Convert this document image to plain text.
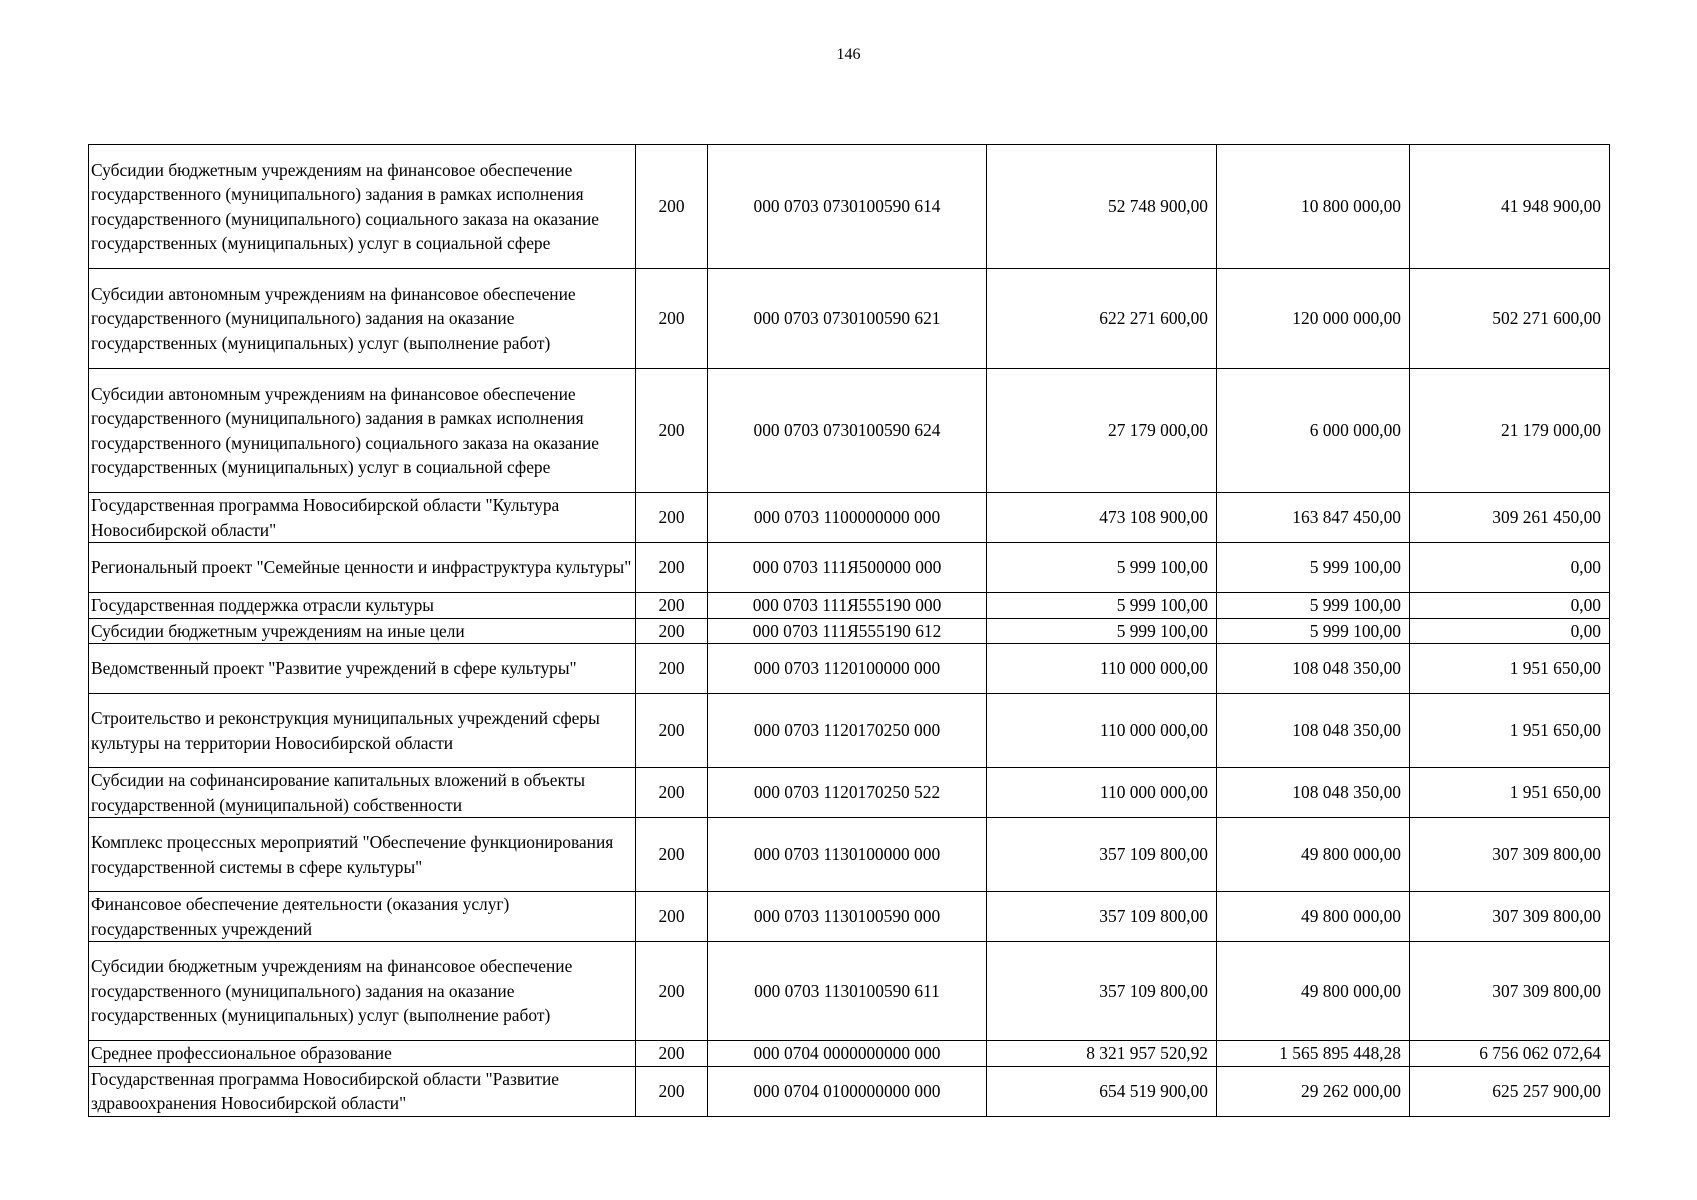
146
Субсидии бюджетным учреждениям на финансовое обеспечение государственного (муниципального) задания в рамках исполнения государственного (муниципального) социального заказа на оказание государственных (муниципальных) услуг в социальной сфере	200	000 0703 0730100590 614	52 748 900,00	10 800 000,00	41 948 900,00
Субсидии автономным учреждениям на финансовое обеспечение государственного (муниципального) задания на оказание государственных (муниципальных) услуг (выполнение работ)	200	000 0703 0730100590 621	622 271 600,00	120 000 000,00	502 271 600,00
Субсидии автономным учреждениям на финансовое обеспечение государственного (муниципального) задания в рамках исполнения государственного (муниципального) социального заказа на оказание государственных (муниципальных) услуг в социальной сфере	200	000 0703 0730100590 624	27 179 000,00	6 000 000,00	21 179 000,00
Государственная программа Новосибирской области "Культура Новосибирской области"	200	000 0703 1100000000 000	473 108 900,00	163 847 450,00	309 261 450,00
Региональный проект "Семейные ценности и инфраструктура культуры"	200	000 0703 111Я500000 000	5 999 100,00	5 999 100,00	0,00
Государственная поддержка отрасли культуры	200	000 0703 111Я555190 000	5 999 100,00	5 999 100,00	0,00
Субсидии бюджетным учреждениям на иные цели	200	000 0703 111Я555190 612	5 999 100,00	5 999 100,00	0,00
Ведомственный проект "Развитие учреждений в сфере культуры"	200	000 0703 1120100000 000	110 000 000,00	108 048 350,00	1 951 650,00
Строительство и реконструкция муниципальных учреждений сферы культуры на территории Новосибирской области	200	000 0703 1120170250 000	110 000 000,00	108 048 350,00	1 951 650,00
Субсидии на софинансирование капитальных вложений в объекты государственной (муниципальной) собственности	200	000 0703 1120170250 522	110 000 000,00	108 048 350,00	1 951 650,00
Комплекс процессных мероприятий "Обеспечение функционирования государственной системы в сфере культуры"	200	000 0703 1130100000 000	357 109 800,00	49 800 000,00	307 309 800,00
Финансовое обеспечение деятельности (оказания услуг) государственных учреждений	200	000 0703 1130100590 000	357 109 800,00	49 800 000,00	307 309 800,00
Субсидии бюджетным учреждениям на финансовое обеспечение государственного (муниципального) задания на оказание государственных (муниципальных) услуг (выполнение работ)	200	000 0703 1130100590 611	357 109 800,00	49 800 000,00	307 309 800,00
Среднее профессиональное образование	200	000 0704 0000000000 000	8 321 957 520,92	1 565 895 448,28	6 756 062 072,64
Государственная программа Новосибирской области "Развитие здравоохранения Новосибирской области"	200	000 0704 0100000000 000	654 519 900,00	29 262 000,00	625 257 900,00
